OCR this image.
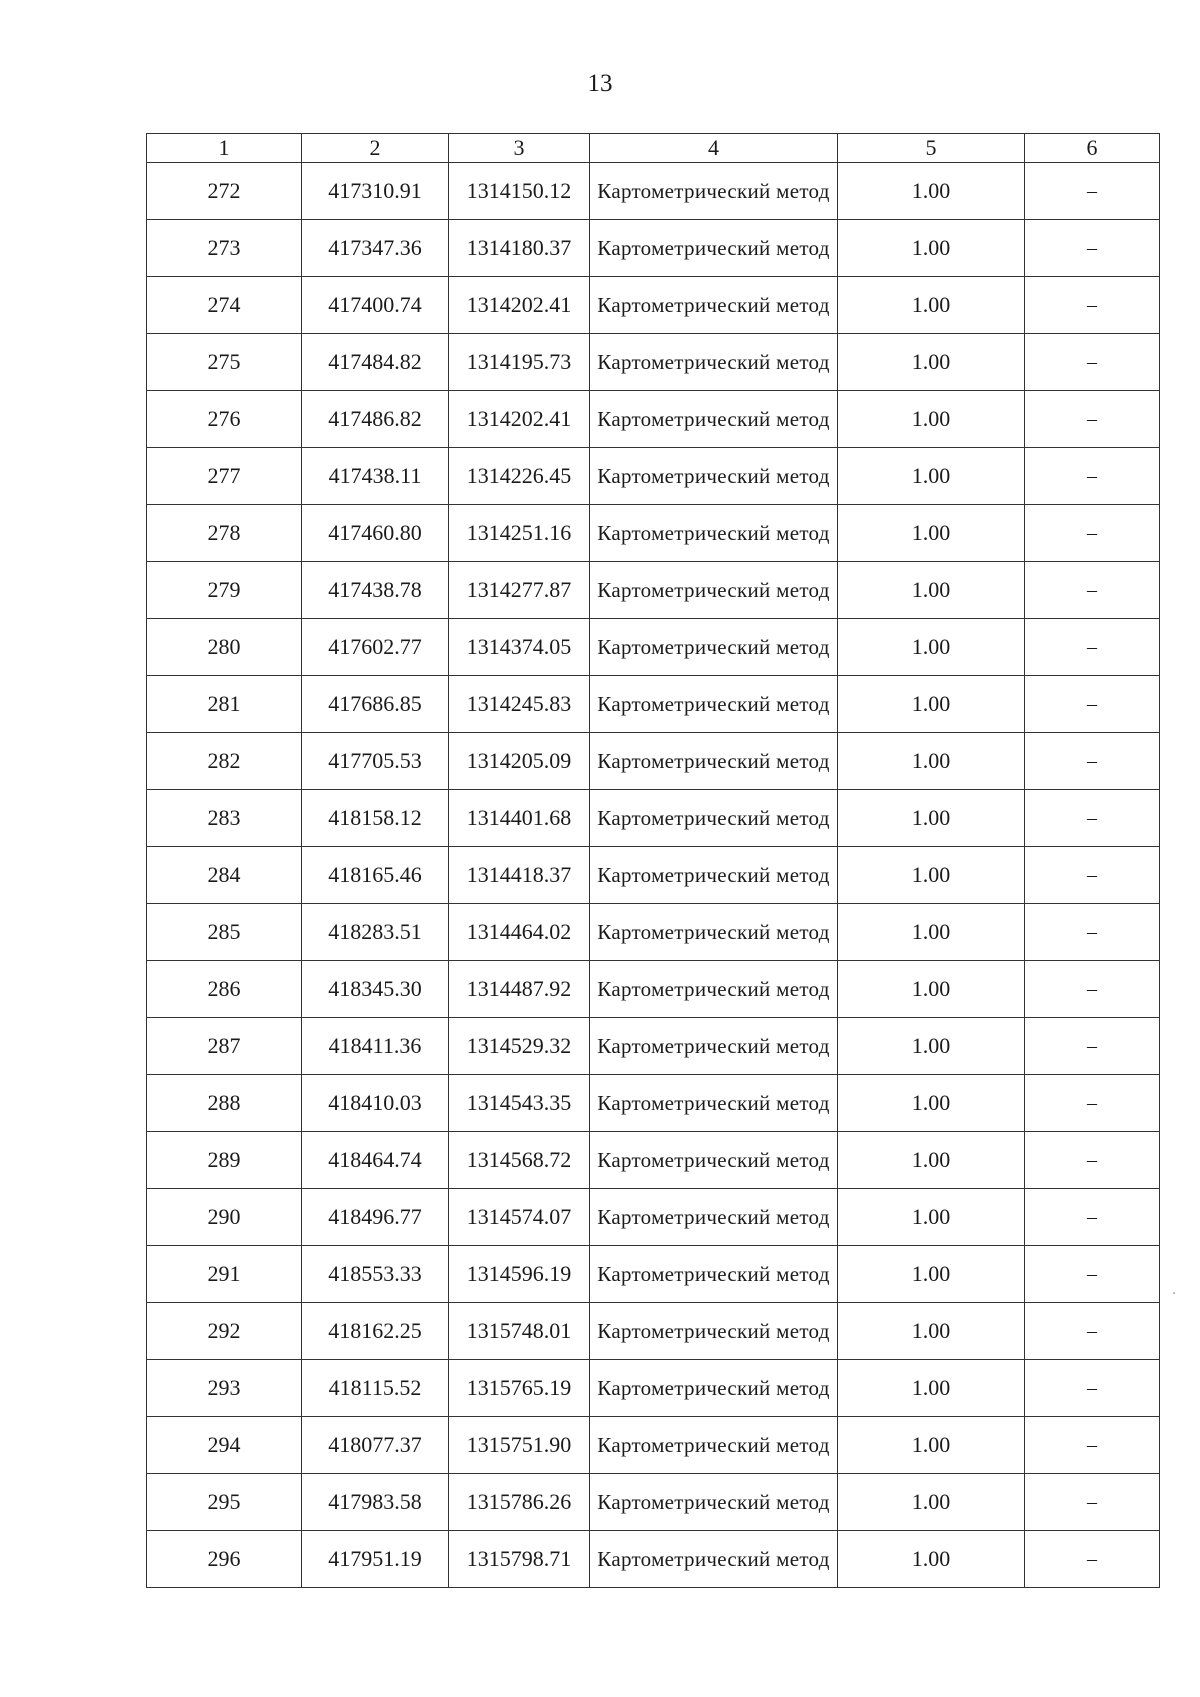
13
1	2	3	4	5	6
272	417310.91	1314150.12	Картометрический метод	1.00	–
273	417347.36	1314180.37	Картометрический метод	1.00	–
274	417400.74	1314202.41	Картометрический метод	1.00	–
275	417484.82	1314195.73	Картометрический метод	1.00	–
276	417486.82	1314202.41	Картометрический метод	1.00	–
277	417438.11	1314226.45	Картометрический метод	1.00	–
278	417460.80	1314251.16	Картометрический метод	1.00	–
279	417438.78	1314277.87	Картометрический метод	1.00	–
280	417602.77	1314374.05	Картометрический метод	1.00	–
281	417686.85	1314245.83	Картометрический метод	1.00	–
282	417705.53	1314205.09	Картометрический метод	1.00	–
283	418158.12	1314401.68	Картометрический метод	1.00	–
284	418165.46	1314418.37	Картометрический метод	1.00	–
285	418283.51	1314464.02	Картометрический метод	1.00	–
286	418345.30	1314487.92	Картометрический метод	1.00	–
287	418411.36	1314529.32	Картометрический метод	1.00	–
288	418410.03	1314543.35	Картометрический метод	1.00	–
289	418464.74	1314568.72	Картометрический метод	1.00	–
290	418496.77	1314574.07	Картометрический метод	1.00	–
291	418553.33	1314596.19	Картометрический метод	1.00	–
292	418162.25	1315748.01	Картометрический метод	1.00	–
293	418115.52	1315765.19	Картометрический метод	1.00	–
294	418077.37	1315751.90	Картометрический метод	1.00	–
295	417983.58	1315786.26	Картометрический метод	1.00	–
296	417951.19	1315798.71	Картометрический метод	1.00	–
